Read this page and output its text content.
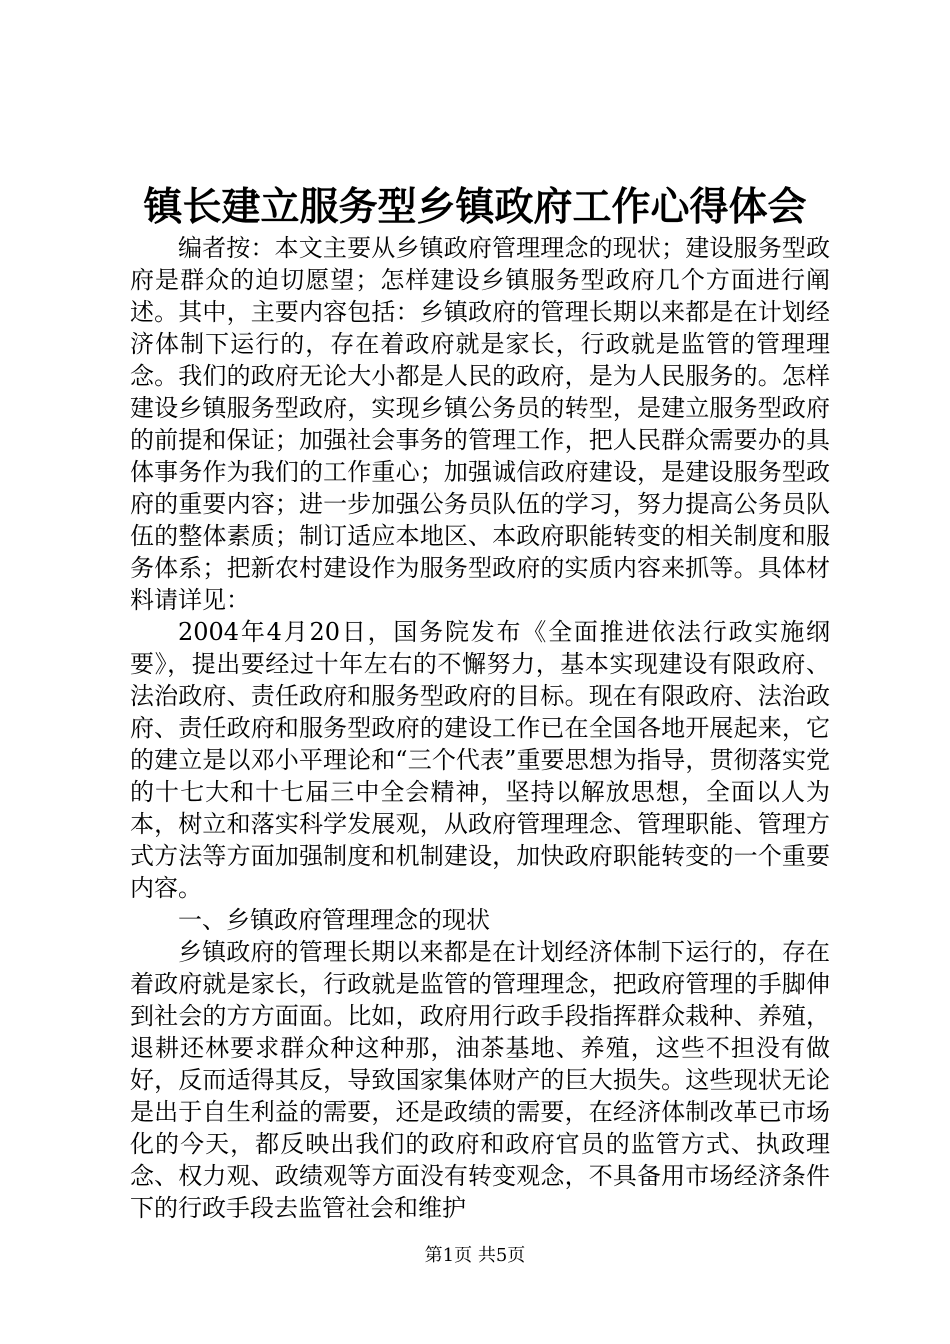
镇长建立服务型乡镇政府工作心得体会

编者按：本文主要从乡镇政府管理理念的现状；建设服务型政府是群众的迫切愿望；怎样建设乡镇服务型政府几个方面进行阐述。其中，主要内容包括：乡镇政府的管理长期以来都是在计划经济体制下运行的，存在着政府就是家长，行政就是监管的管理理念。我们的政府无论大小都是人民的政府，是为人民服务的。怎样建设乡镇服务型政府，实现乡镇公务员的转型，是建立服务型政府的前提和保证；加强社会事务的管理工作，把人民群众需要办的具体事务作为我们的工作重心；加强诚信政府建设，是建设服务型政府的重要内容；进一步加强公务员队伍的学习，努力提高公务员队伍的整体素质；制订适应本地区、本政府职能转变的相关制度和服务体系；把新农村建设作为服务型政府的实质内容来抓等。具体材料请详见：

2004年4月20日，国务院发布《全面推进依法行政实施纲要》，提出要经过十年左右的不懈努力，基本实现建设有限政府、法治政府、责任政府和服务型政府的目标。现在有限政府、法治政府、责任政府和服务型政府的建设工作已在全国各地开展起来，它的建立是以邓小平理论和“三个代表”重要思想为指导，贯彻落实党的十七大和十七届三中全会精神，坚持以解放思想，全面以人为本，树立和落实科学发展观，从政府管理理念、管理职能、管理方式方法等方面加强制度和机制建设，加快政府职能转变的一个重要内容。

一、乡镇政府管理理念的现状

乡镇政府的管理长期以来都是在计划经济体制下运行的，存在着政府就是家长，行政就是监管的管理理念，把政府管理的手脚伸到社会的方方面面。比如，政府用行政手段指挥群众栽种、养殖，退耕还林要求群众种这种那，油茶基地、养殖，这些不担没有做好，反而适得其反，导致国家集体财产的巨大损失。这些现状无论是出于自生利益的需要，还是政绩的需要，在经济体制改革已市场化的今天，都反映出我们的政府和政府官员的监管方式、执政理念、权力观、政绩观等方面没有转变观念，不具备用市场经济条件下的行政手段去监管社会和维护

第1页 共5页
